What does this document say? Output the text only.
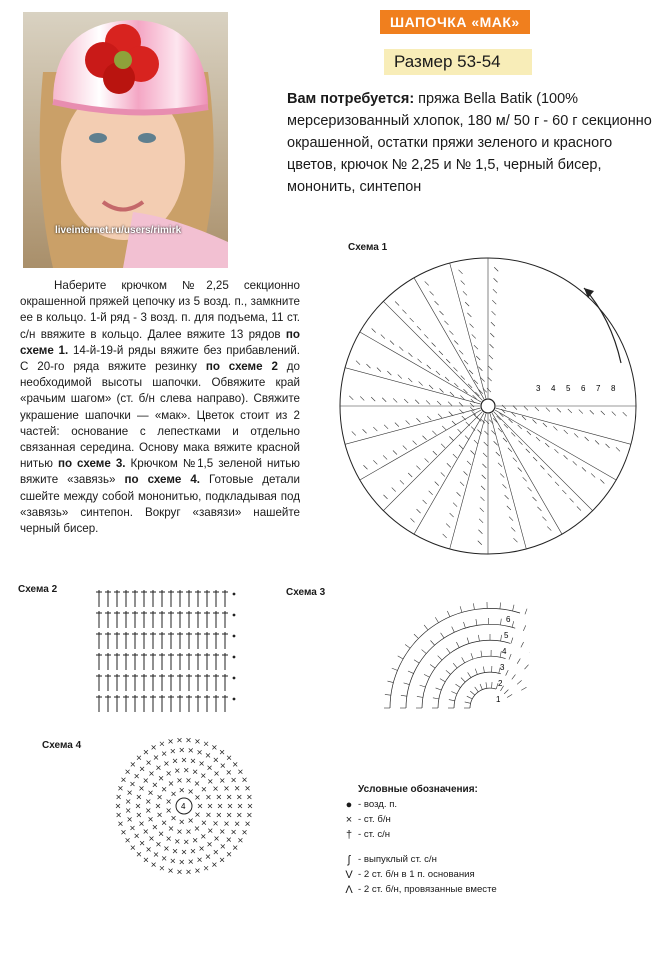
liveinternet.ru/users/rimirk
ШАПОЧКА «МАК»
Размер 53-54
Вам потребуется: пряжа Bella Batik (100% мерсеризованный хлопок, 180 м/ 50 г - 60 г секционно окрашенной, остатки пряжи зеленого и красного цветов, крючок № 2,25 и № 1,5, черный бисер, мононить, синтепон
Наберите крючком №2,25 секционно окрашенной пряжей цепочку из 5 возд. п., замкните ее в кольцо. 1-й ряд - 3 возд. п. для подъема, 11 ст. с/н ввяжите в кольцо. Далее вяжите 13 рядов по схеме 1. 14-й-19-й ряды вяжите без прибавлений. С 20-го ряда вяжите резинку по схеме 2 до необходимой высоты шапочки. Обвяжите край «рачьим шагом» (ст. б/н слева направо). Свяжите украшение шапочки — «мак». Цветок стоит из 2 частей: основание с лепестками и отдельно связанная середина. Основу мака вяжите красной нитью по схеме 3. Крючком №1,5 зеленой нитью вяжите «завязь» по схеме 4. Готовые детали сшейте между собой мононитью, подкладывая под «завязь» синтепон. Вокруг «завязи» нашейте черный бисер.
Схема 1
Схема 2	Схема 3
Схема 4
3 4 5 6 7 8
6
5
4
3
2
1
4
Условные обозначения:
● - возд. п.
× - ст. б/н
† - ст. с/н
ʃ - выпуклый ст. с/н
V - 2 ст. б/н в 1 п. основания
Λ - 2 ст. б/н, провязанные вместе
